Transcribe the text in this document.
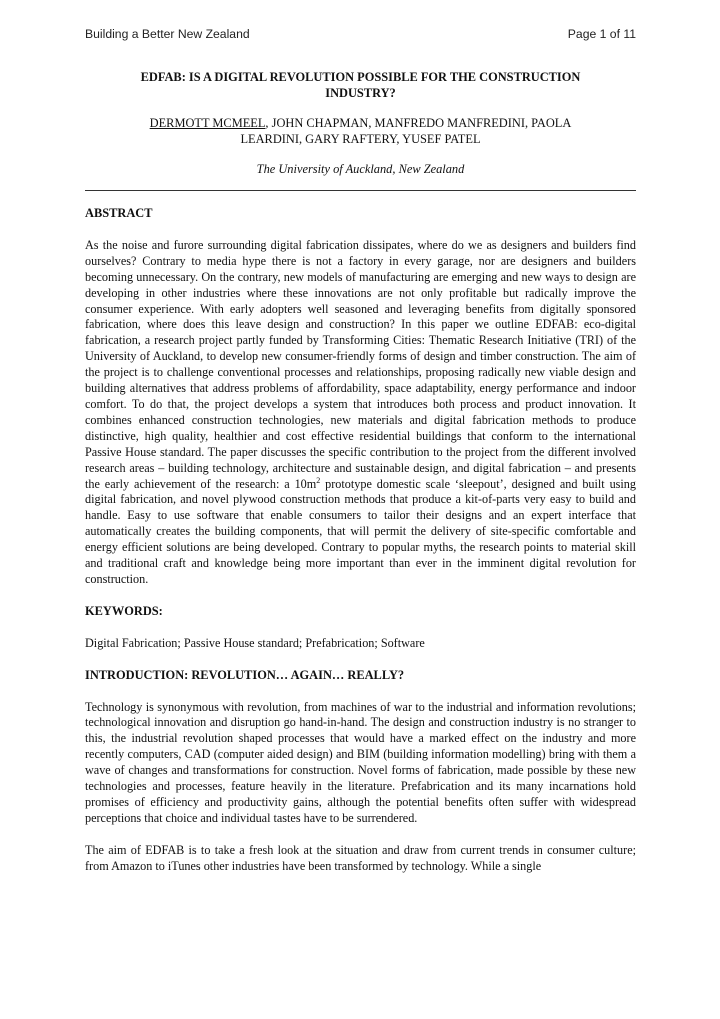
Building a Better New Zealand	Page 1 of 11
EDFAB: IS A DIGITAL REVOLUTION POSSIBLE FOR THE CONSTRUCTION
INDUSTRY?
DERMOTT MCMEEL, JOHN CHAPMAN, MANFREDO MANFREDINI, PAOLA
LEARDINI, GARY RAFTERY, YUSEF PATEL
The University of Auckland, New Zealand
ABSTRACT

As the noise and furore surrounding digital fabrication dissipates, where do we as designers and builders find ourselves? Contrary to media hype there is not a factory in every garage, nor are designers and builders becoming unnecessary. On the contrary, new models of manufacturing are emerging and new ways to design are developing in other industries where these innovations are not only profitable but radically improve the consumer experience. With early adopters well seasoned and leveraging benefits from digitally sponsored fabrication, where does this leave design and construction? In this paper we outline EDFAB: eco-digital fabrication, a research project partly funded by Transforming Cities: Thematic Research Initiative (TRI) of the University of Auckland, to develop new consumer-friendly forms of design and timber construction. The aim of the project is to challenge conventional processes and relationships, proposing radically new viable design and building alternatives that address problems of affordability, space adaptability, energy performance and indoor comfort. To do that, the project develops a system that introduces both process and product innovation. It combines enhanced construction technologies, new materials and digital fabrication methods to produce distinctive, high quality, healthier and cost effective residential buildings that conform to the international Passive House standard. The paper discusses the specific contribution to the project from the different involved research areas – building technology, architecture and sustainable design, and digital fabrication – and presents the early achievement of the research: a $10m^2$ prototype domestic scale ‘sleepout’, designed and built using digital fabrication, and novel plywood construction methods that produce a kit-of-parts very easy to build and handle. Easy to use software that enable consumers to tailor their designs and an expert interface that automatically creates the building components, that will permit the delivery of site-specific comfortable and energy efficient solutions are being developed. Contrary to popular myths, the research points to material skill and traditional craft and knowledge being more important than ever in the imminent digital revolution for construction.

KEYWORDS:

Digital Fabrication; Passive House standard; Prefabrication; Software

INTRODUCTION: REVOLUTION… AGAIN… REALLY?

Technology is synonymous with revolution, from machines of war to the industrial and information revolutions; technological innovation and disruption go hand-in-hand. The design and construction industry is no stranger to this, the industrial revolution shaped processes that would have a marked effect on the industry and more recently computers, CAD (computer aided design) and BIM (building information modelling) bring with them a wave of changes and transformations for construction. Novel forms of fabrication, made possible by these new technologies and processes, feature heavily in the literature. Prefabrication and its many incarnations hold promises of efficiency and productivity gains, although the potential benefits often suffer with widespread perceptions that choice and individual tastes have to be surrendered.

The aim of EDFAB is to take a fresh look at the situation and draw from current trends in consumer culture; from Amazon to iTunes other industries have been transformed by technology. While a single
